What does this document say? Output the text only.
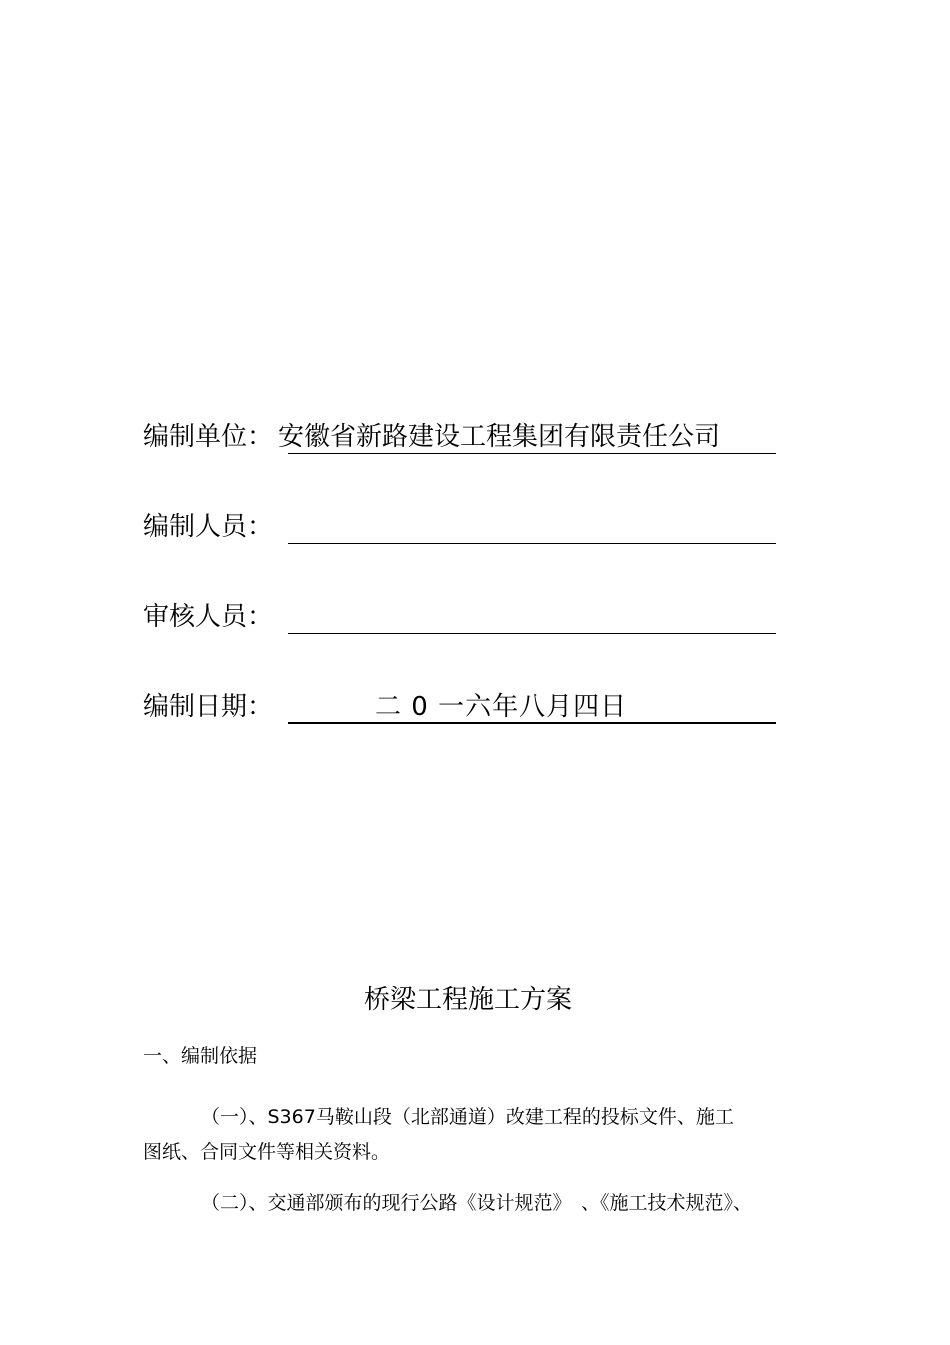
编制单位： 安徽省新路建设工程集团有限责任公司
编制人员：
审核人员：
编制日期：	二 0 一六年八月四日
桥梁工程施工方案
一、编制依据
（一）、S367马鞍山段（北部通道）改建工程的投标文件、施工
图纸、合同文件等相关资料。
（二）、交通部颁布的现行公路《设计规范》　、《施工技术规范》、
